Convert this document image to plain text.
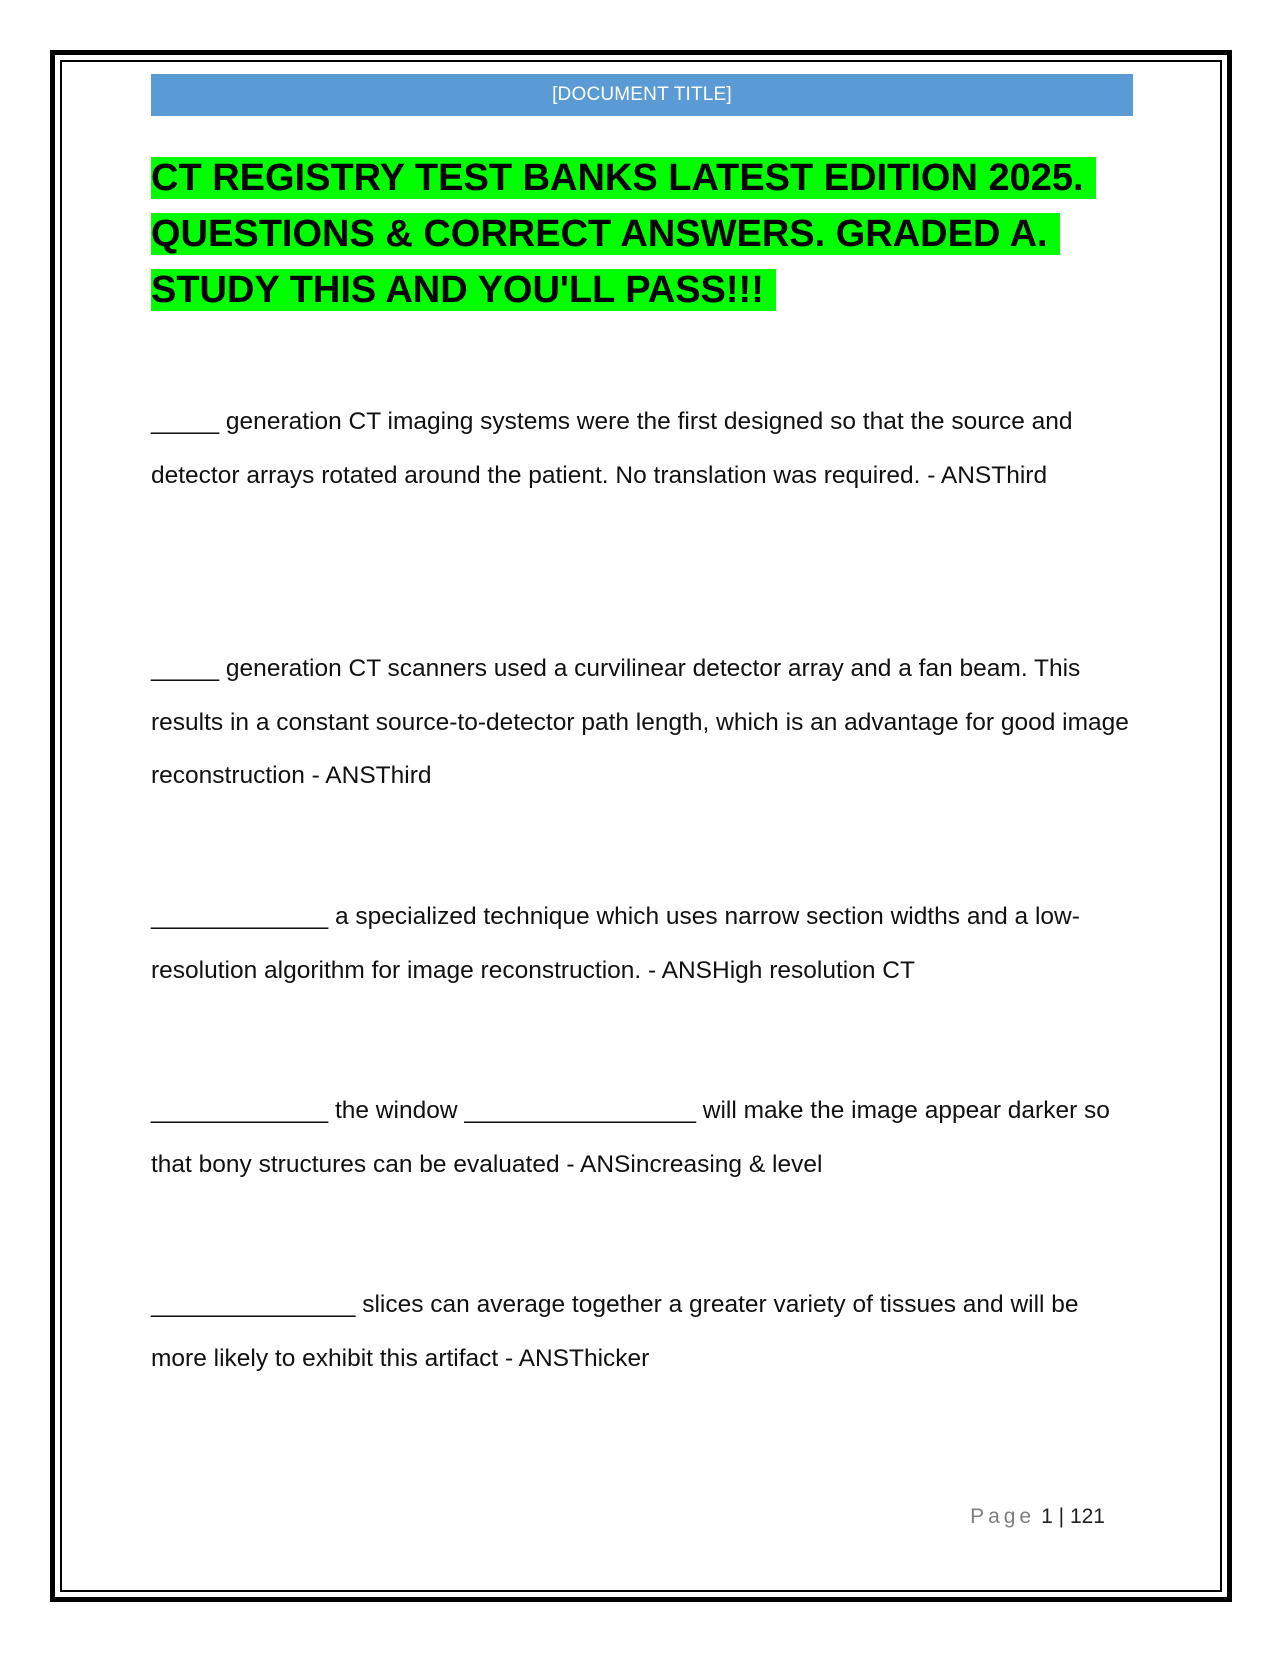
[DOCUMENT TITLE]
CT REGISTRY TEST BANKS LATEST EDITION 2025. QUESTIONS & CORRECT ANSWERS. GRADED A. STUDY THIS AND YOU'LL PASS!!!

_____ generation CT imaging systems were the first designed so that the source and detector arrays rotated around the patient. No translation was required. - ANSThird

_____ generation CT scanners used a curvilinear detector array and a fan beam. This results in a constant source-to-detector path length, which is an advantage for good image reconstruction - ANSThird

_____________ a specialized technique which uses narrow section widths and a low-resolution algorithm for image reconstruction. - ANSHigh resolution CT

_____________ the window _________________ will make the image appear darker so that bony structures can be evaluated - ANSincreasing & level

_______________ slices can average together a greater variety of tissues and will be more likely to exhibit this artifact - ANSThicker

Page 1 | 121
